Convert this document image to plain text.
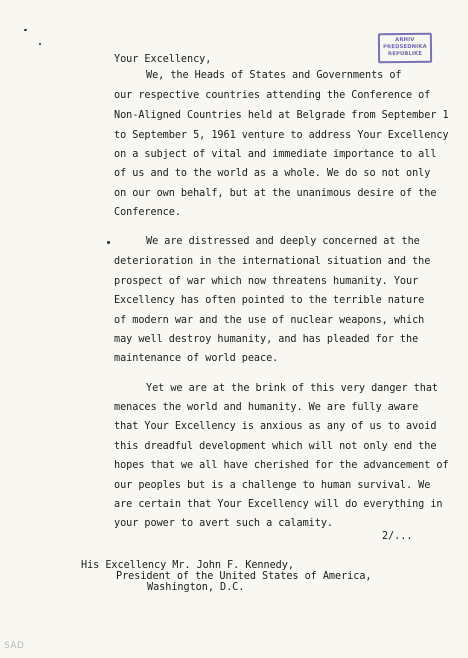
ARHIV
PREDSEDNIKA
REPUBLIKE
Your Excellency,
We, the Heads of States and Governments of
our respective countries attending the Conference of
Non-Aligned Countries held at Belgrade from September 1
to September 5, 1961 venture to address Your Excellency
on a subject of vital and immediate importance to all
of us and to the world as a whole. We do so not only
on our own behalf, but at the unanimous desire of the
Conference.
We are distressed and deeply concerned at the
deterioration in the international situation and the
prospect of war which now threatens humanity. Your
Excellency has often pointed to the terrible nature
of modern war and the use of nuclear weapons, which
may well destroy humanity, and has pleaded for the
maintenance of world peace.
Yet we are at the brink of this very danger that
menaces the world and humanity. We are fully aware
that Your Excellency is anxious as any of us to avoid
this dreadful development which will not only end the
hopes that we all have cherished for the advancement of
our peoples but is a challenge to human survival. We
are certain that Your Excellency will do everything in
your power to avert such a calamity.
2/...
His Excellency Mr. John F. Kennedy,
President of the United States of America,
Washington, D.C.
SAD
